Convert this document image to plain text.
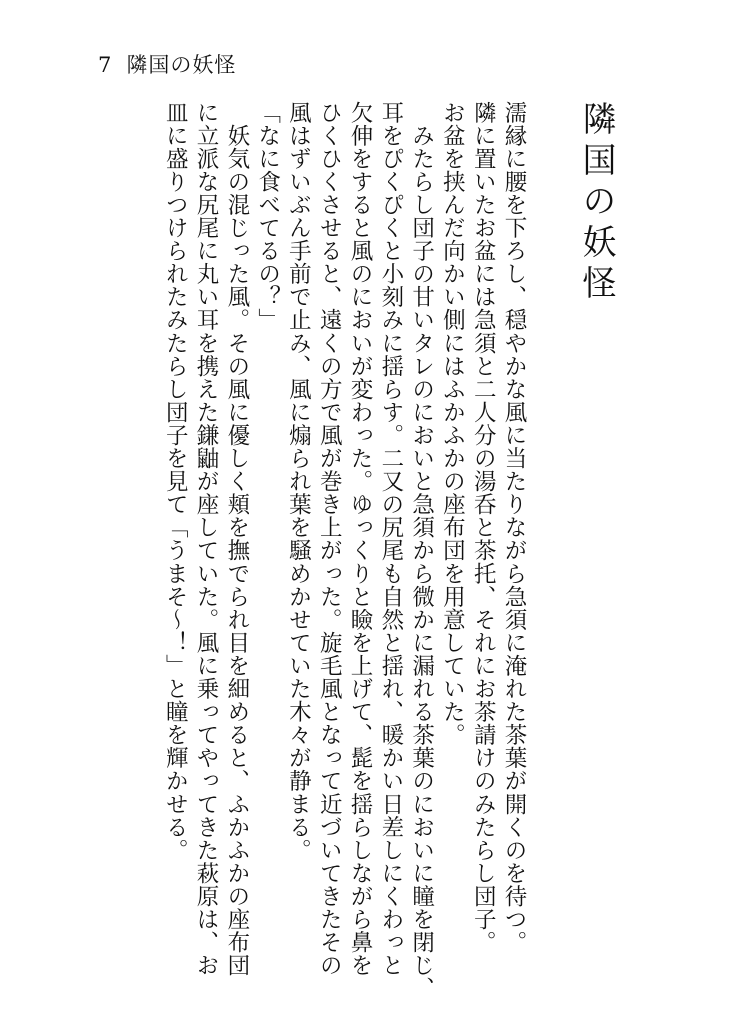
7 隣国の妖怪
隣国の妖怪

濡縁に腰を下ろし、穏やかな風に当たりながら急須に淹れた茶葉が開くのを待つ。

隣に置いたお盆には急須と二人分の湯呑と茶托、それにお茶請けのみたらし団子。

お盆を挟んだ向かい側にはふかふかの座布団を用意していた。

　みたらし団子の甘いタレのにおいと急須から微かに漏れる茶葉のにおいに瞳を閉じ、

耳をぴくぴくと小刻みに揺らす。二又の尻尾も自然と揺れ、暖かい日差しにくわっと

欠伸をすると風のにおいが変わった。ゆっくりと瞼を上げて、髭を揺らしながら鼻を

ひくひくさせると、遠くの方で風が巻き上がった。旋毛風となって近づいてきたその

風はずいぶん手前で止み、風に煽られ葉を騒めかせていた木々が静まる。

「なに食べてるの？」

　妖気の混じった風。その風に優しく頬を撫でられ目を細めると、ふかふかの座布団

に立派な尻尾に丸い耳を携えた鎌鼬が座していた。風に乗ってやってきた萩原は、お

皿に盛りつけられたみたらし団子を見て「うまそ～！」と瞳を輝かせる。
